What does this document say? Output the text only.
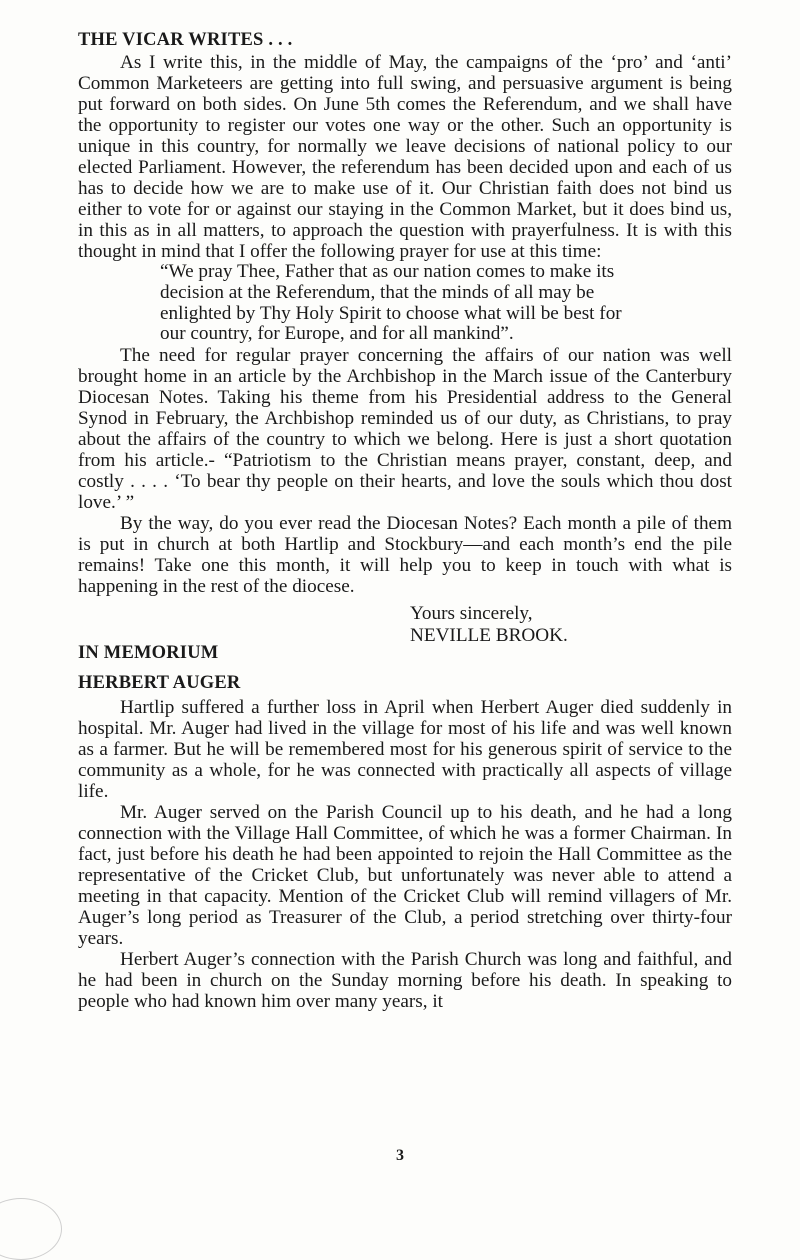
THE VICAR WRITES . . .

As I write this, in the middle of May, the campaigns of the ‘pro’ and ‘anti’ Common Marketeers are getting into full swing, and persuasive argument is being put forward on both sides. On June 5th comes the Referendum, and we shall have the opportunity to register our votes one way or the other. Such an opportunity is unique in this country, for normally we leave decisions of national policy to our elected Parliament. However, the referendum has been decided upon and each of us has to decide how we are to make use of it. Our Christian faith does not bind us either to vote for or against our staying in the Common Market, but it does bind us, in this as in all matters, to approach the question with prayerfulness. It is with this thought in mind that I offer the following prayer for use at this time:

“We pray Thee, Father that as our nation comes to make its
decision at the Referendum, that the minds of all may be
enlighted by Thy Holy Spirit to choose what will be best for
our country, for Europe, and for all mankind”.

The need for regular prayer concerning the affairs of our nation was well brought home in an article by the Archbishop in the March issue of the Canterbury Diocesan Notes. Taking his theme from his Presidential address to the General Synod in February, the Archbishop reminded us of our duty, as Christians, to pray about the affairs of the country to which we belong. Here is just a short quotation from his article.- “Patriotism to the Christian means prayer, constant, deep, and costly . . . . ‘To bear thy people on their hearts, and love the souls which thou dost love.’ ”

By the way, do you ever read the Diocesan Notes? Each month a pile of them is put in church at both Hartlip and Stockbury—and each month’s end the pile remains! Take one this month, it will help you to keep in touch with what is happening in the rest of the diocese.

Yours sincerely,
NEVILLE BROOK.
IN MEMORIUM
HERBERT AUGER

Hartlip suffered a further loss in April when Herbert Auger died suddenly in hospital. Mr. Auger had lived in the village for most of his life and was well known as a farmer. But he will be remembered most for his generous spirit of service to the community as a whole, for he was connected with practically all aspects of village life.

Mr. Auger served on the Parish Council up to his death, and he had a long connection with the Village Hall Committee, of which he was a former Chairman. In fact, just before his death he had been appointed to rejoin the Hall Committee as the representative of the Cricket Club, but unfortunately was never able to attend a meeting in that capacity. Mention of the Cricket Club will remind villagers of Mr. Auger’s long period as Treasurer of the Club, a period stretching over thirty-four years.

Herbert Auger’s connection with the Parish Church was long and faithful, and he had been in church on the Sunday morning before his death. In speaking to people who had known him over many years, it

3
